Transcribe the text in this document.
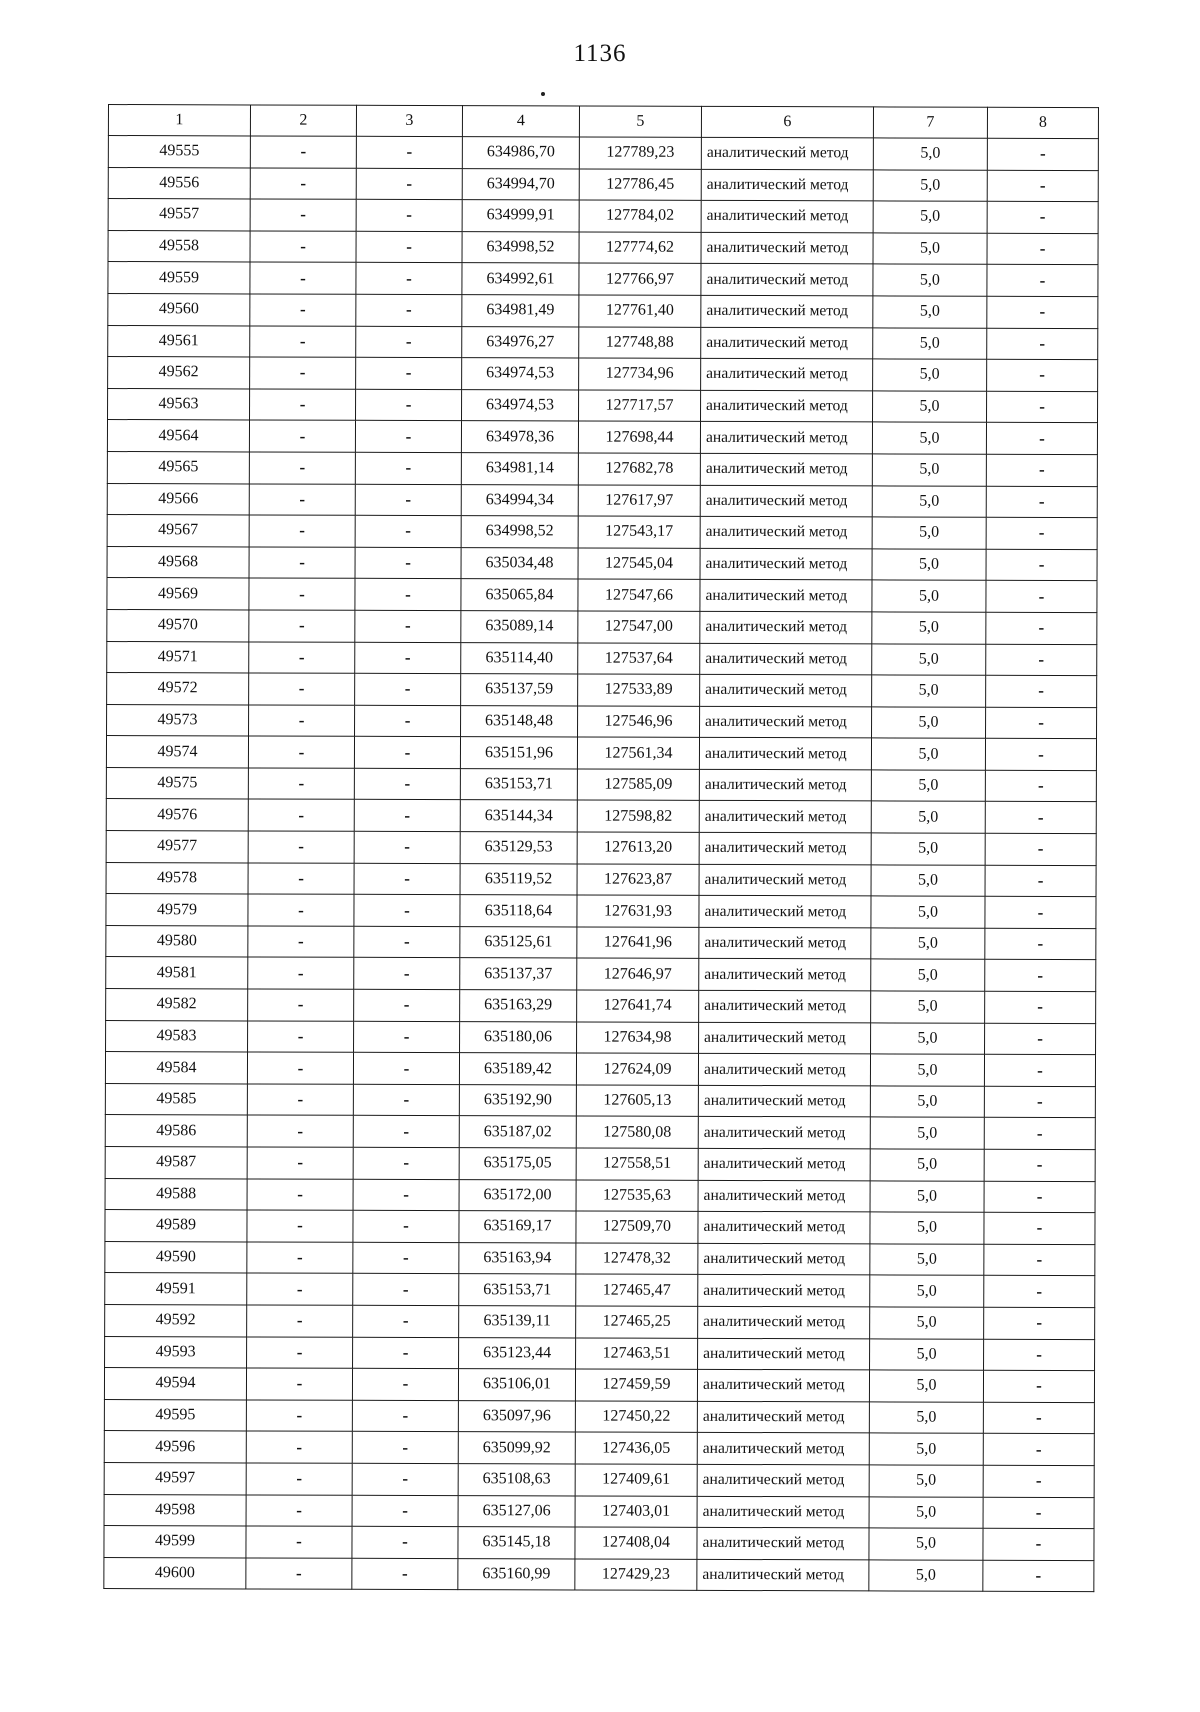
1136
1	2	3	4	5	6	7	8
49555	-	-	634986,70	127789,23	аналитический метод	5,0	-
49556	-	-	634994,70	127786,45	аналитический метод	5,0	-
49557	-	-	634999,91	127784,02	аналитический метод	5,0	-
49558	-	-	634998,52	127774,62	аналитический метод	5,0	-
49559	-	-	634992,61	127766,97	аналитический метод	5,0	-
49560	-	-	634981,49	127761,40	аналитический метод	5,0	-
49561	-	-	634976,27	127748,88	аналитический метод	5,0	-
49562	-	-	634974,53	127734,96	аналитический метод	5,0	-
49563	-	-	634974,53	127717,57	аналитический метод	5,0	-
49564	-	-	634978,36	127698,44	аналитический метод	5,0	-
49565	-	-	634981,14	127682,78	аналитический метод	5,0	-
49566	-	-	634994,34	127617,97	аналитический метод	5,0	-
49567	-	-	634998,52	127543,17	аналитический метод	5,0	-
49568	-	-	635034,48	127545,04	аналитический метод	5,0	-
49569	-	-	635065,84	127547,66	аналитический метод	5,0	-
49570	-	-	635089,14	127547,00	аналитический метод	5,0	-
49571	-	-	635114,40	127537,64	аналитический метод	5,0	-
49572	-	-	635137,59	127533,89	аналитический метод	5,0	-
49573	-	-	635148,48	127546,96	аналитический метод	5,0	-
49574	-	-	635151,96	127561,34	аналитический метод	5,0	-
49575	-	-	635153,71	127585,09	аналитический метод	5,0	-
49576	-	-	635144,34	127598,82	аналитический метод	5,0	-
49577	-	-	635129,53	127613,20	аналитический метод	5,0	-
49578	-	-	635119,52	127623,87	аналитический метод	5,0	-
49579	-	-	635118,64	127631,93	аналитический метод	5,0	-
49580	-	-	635125,61	127641,96	аналитический метод	5,0	-
49581	-	-	635137,37	127646,97	аналитический метод	5,0	-
49582	-	-	635163,29	127641,74	аналитический метод	5,0	-
49583	-	-	635180,06	127634,98	аналитический метод	5,0	-
49584	-	-	635189,42	127624,09	аналитический метод	5,0	-
49585	-	-	635192,90	127605,13	аналитический метод	5,0	-
49586	-	-	635187,02	127580,08	аналитический метод	5,0	-
49587	-	-	635175,05	127558,51	аналитический метод	5,0	-
49588	-	-	635172,00	127535,63	аналитический метод	5,0	-
49589	-	-	635169,17	127509,70	аналитический метод	5,0	-
49590	-	-	635163,94	127478,32	аналитический метод	5,0	-
49591	-	-	635153,71	127465,47	аналитический метод	5,0	-
49592	-	-	635139,11	127465,25	аналитический метод	5,0	-
49593	-	-	635123,44	127463,51	аналитический метод	5,0	-
49594	-	-	635106,01	127459,59	аналитический метод	5,0	-
49595	-	-	635097,96	127450,22	аналитический метод	5,0	-
49596	-	-	635099,92	127436,05	аналитический метод	5,0	-
49597	-	-	635108,63	127409,61	аналитический метод	5,0	-
49598	-	-	635127,06	127403,01	аналитический метод	5,0	-
49599	-	-	635145,18	127408,04	аналитический метод	5,0	-
49600	-	-	635160,99	127429,23	аналитический метод	5,0	-
